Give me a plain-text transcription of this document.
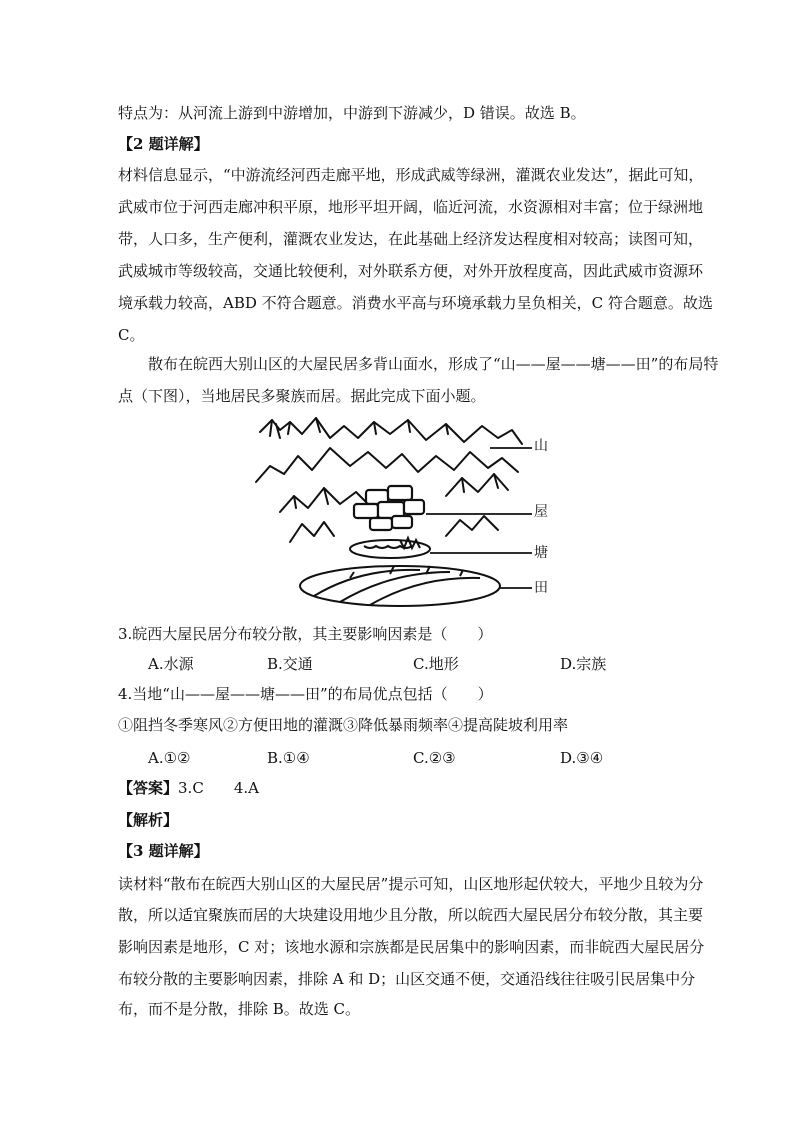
特点为：从河流上游到中游增加，中游到下游减少，D 错误。故选 B。
【2 题详解】
材料信息显示，“中游流经河西走廊平地，形成武威等绿洲，灌溉农业发达”，据此可知，
武威市位于河西走廊冲积平原，地形平坦开阔，临近河流，水资源相对丰富；位于绿洲地
带，人口多，生产便利，灌溉农业发达，在此基础上经济发达程度相对较高；读图可知，
武威城市等级较高，交通比较便利，对外联系方便，对外开放程度高，因此武威市资源环
境承载力较高，ABD 不符合题意。消费水平高与环境承载力呈负相关，C 符合题意。故选
C。
散布在皖西大别山区的大屋民居多背山面水，形成了“山——屋——塘——田”的布局特
点（下图），当地居民多聚族而居。据此完成下面小题。
山
屋
塘
田
3.皖西大屋民居分布较分散，其主要影响因素是（　　）
A.水源	B.交通	C.地形	D.宗族
4.当地“山——屋——塘——田”的布局优点包括（　　）
①阻挡冬季寒风②方便田地的灌溉③降低暴雨频率④提高陡坡利用率
A.①②	B.①④	C.②③	D.③④
【答案】3.C 4.A
【解析】
【3 题详解】
读材料“散布在皖西大别山区的大屋民居”提示可知，山区地形起伏较大，平地少且较为分
散，所以适宜聚族而居的大块建设用地少且分散，所以皖西大屋民居分布较分散，其主要
影响因素是地形，C 对；该地水源和宗族都是民居集中的影响因素，而非皖西大屋民居分
布较分散的主要影响因素，排除 A 和 D；山区交通不便，交通沿线往往吸引民居集中分
布，而不是分散，排除 B。故选 C。
